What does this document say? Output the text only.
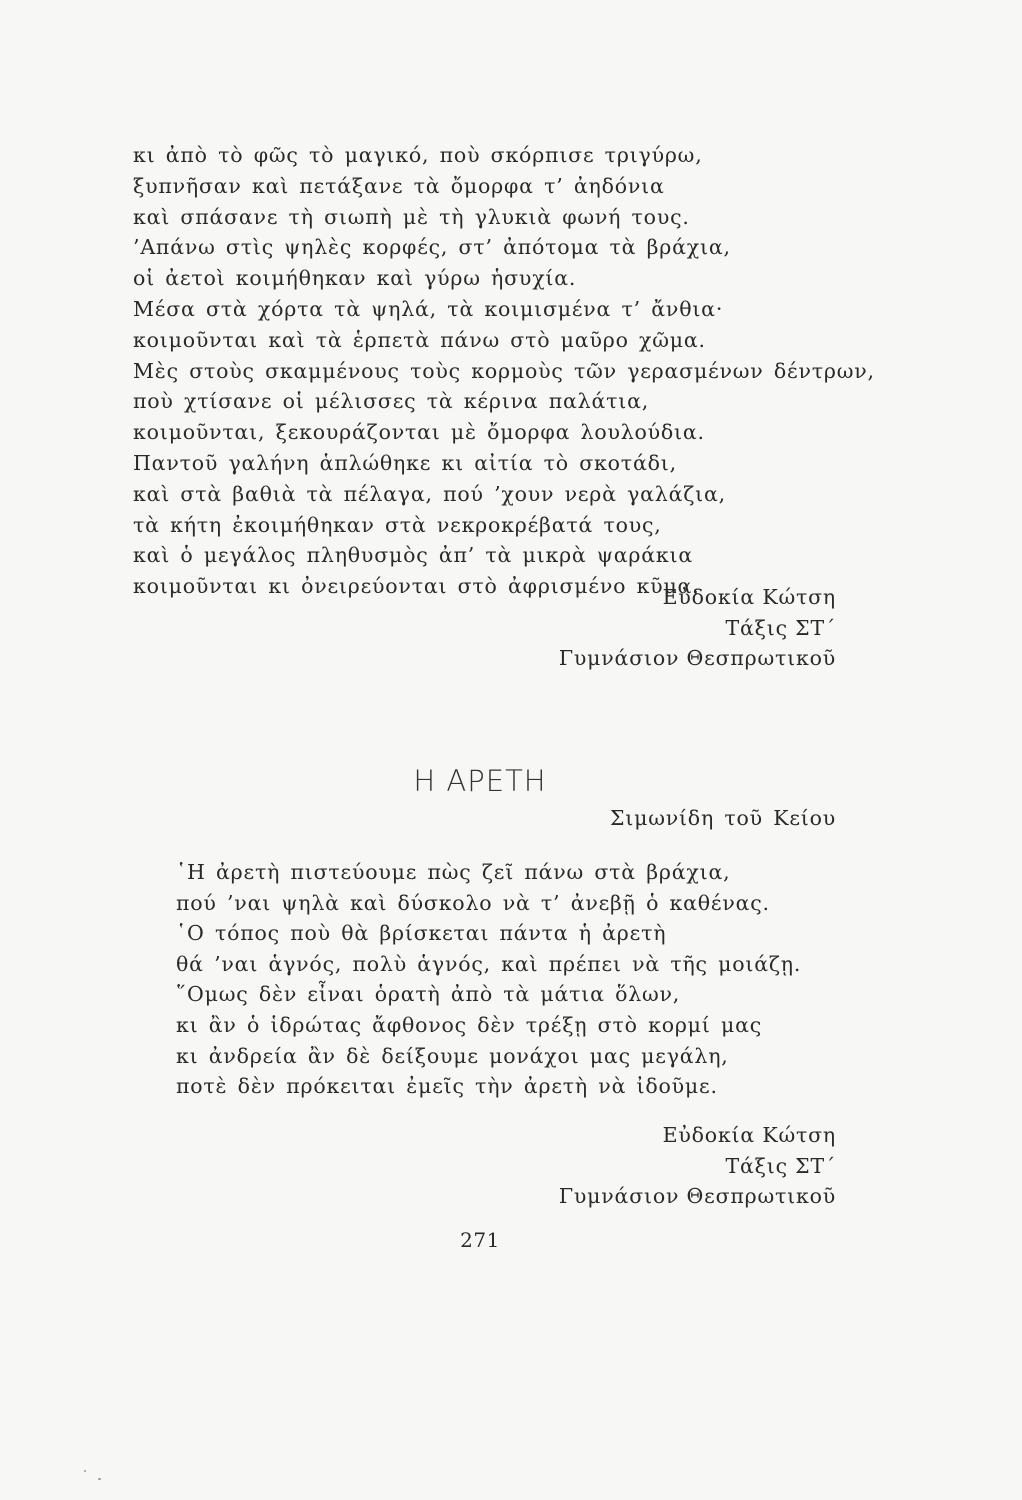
κι ἀπὸ τὸ φῶς τὸ μαγικό, ποὺ σκόρπισε τριγύρω,
ξυπνῆσαν καὶ πετάξανε τὰ ὄμορφα τ’ ἀηδόνια
καὶ σπάσανε τὴ σιωπὴ μὲ τὴ γλυκιὰ φωνή τους.
’Απάνω στὶς ψηλὲς κορφές, στ’ ἀπότομα τὰ βράχια,
οἱ ἀετοὶ κοιμήθηκαν καὶ γύρω ἡσυχία.
Μέσα στὰ χόρτα τὰ ψηλά, τὰ κοιμισμένα τ’ ἄνθια·
κοιμοῦνται καὶ τὰ ἑρπετὰ πάνω στὸ μαῦρο χῶμα.
Μὲς στοὺς σκαμμένους τοὺς κορμοὺς τῶν γερασμένων δέντρων,
ποὺ χτίσανε οἱ μέλισσες τὰ κέρινα παλάτια,
κοιμοῦνται, ξεκουράζονται μὲ ὄμορφα λουλούδια.
Παντοῦ γαλήνη ἁπλώθηκε κι αἰτία τὸ σκοτάδι,
καὶ στὰ βαθιὰ τὰ πέλαγα, πoύ ’χουν νερὰ γαλάζια,
τὰ κήτη ἐκοιμήθηκαν στὰ νεκροκρέβατά τους,
καὶ ὁ μεγάλος πληθυσμὸς ἀπ’ τὰ μικρὰ ψαράκια
κοιμοῦνται κι ὀνειρεύονται στὸ ἀφρισμένο κῦμα.
Εὐδοκία Κώτση
Τάξις ΣΤ΄
Γυμνάσιον Θεσπρωτικοῦ
Η ΑΡΕΤΗ
Σιμωνίδη τοῦ Κείου
῾Η ἀρετὴ πιστεύουμε πὼς ζεῖ πάνω στὰ βράχια,
πού ’ναι ψηλὰ καὶ δύσκολο νὰ τ’ ἀνεβῇ ὁ καθένας.
῾Ο τόπος ποὺ θὰ βρίσκεται πάντα ἡ ἀρετὴ
θά ’ναι ἁγνός, πολὺ ἁγνός, καὶ πρέπει νὰ τῆς μοιάζῃ.
῞Ομως δὲν εἶναι ὁρατὴ ἀπὸ τὰ μάτια ὅλων,
κι ἂν ὁ ἱδρώτας ἄφθονος δὲν τρέξῃ στὸ κορμί μας
κι ἀνδρεία ἂν δὲ δείξουμε μονάχοι μας μεγάλη,
ποτὲ δὲν πρόκειται ἐμεῖς τὴν ἀρετὴ νὰ ἰδοῦμε.
Εὐδοκία Κώτση
Τάξις ΣΤ΄
Γυμνάσιον Θεσπρωτικοῦ
271
